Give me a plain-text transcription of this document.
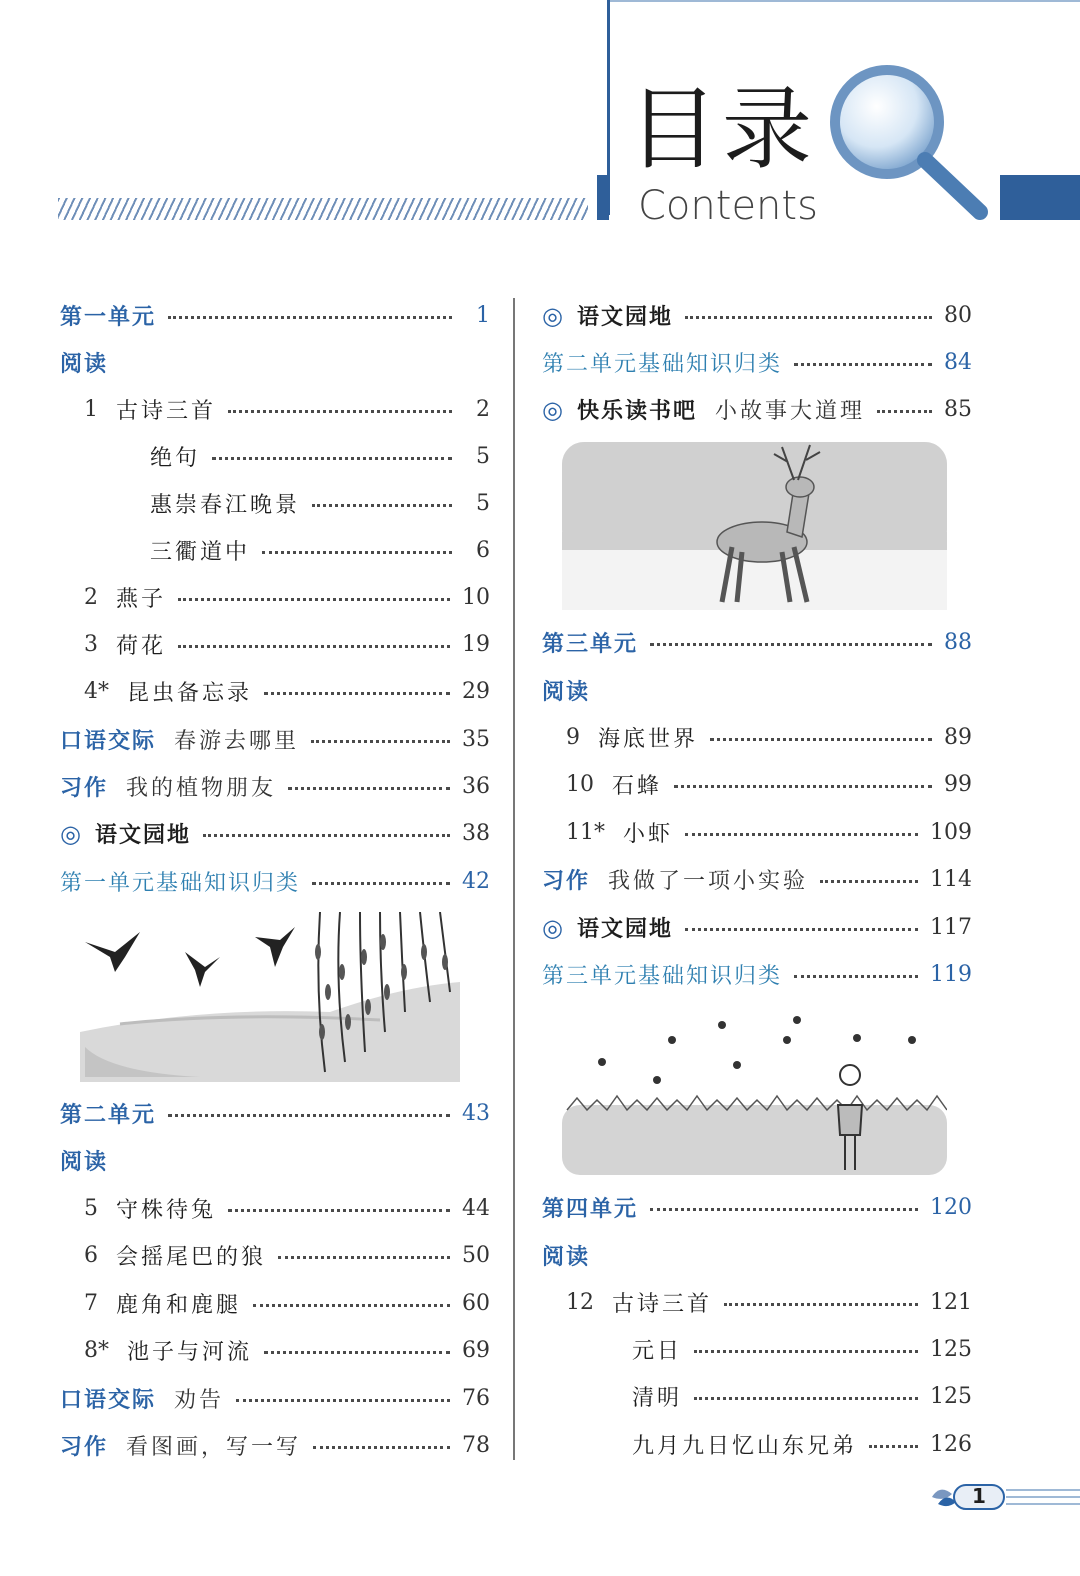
目录
Contents
第一单元	1
阅读
1 古诗三首	2
绝句	5
惠崇春江晚景	5
三衢道中	6
2 燕子	10
3 荷花	19
4* 昆虫备忘录	29
口语交际 春游去哪里	35
习作 我的植物朋友	36
◎ 语文园地	38
第一单元基础知识归类	42
第二单元	43
阅读
5 守株待兔	44
6 会摇尾巴的狼	50
7 鹿角和鹿腿	60
8* 池子与河流	69
口语交际 劝告	76
习作 看图画，写一写	78
◎ 语文园地	80
第二单元基础知识归类	84
◎ 快乐读书吧 小故事大道理	85
第三单元	88
阅读
9 海底世界	89
10 石蜂	99
11* 小虾	109
习作 我做了一项小实验	114
◎ 语文园地	117
第三单元基础知识归类	119
第四单元	120
阅读
12 古诗三首	121
元日	125
清明	125
九月九日忆山东兄弟	126
1
